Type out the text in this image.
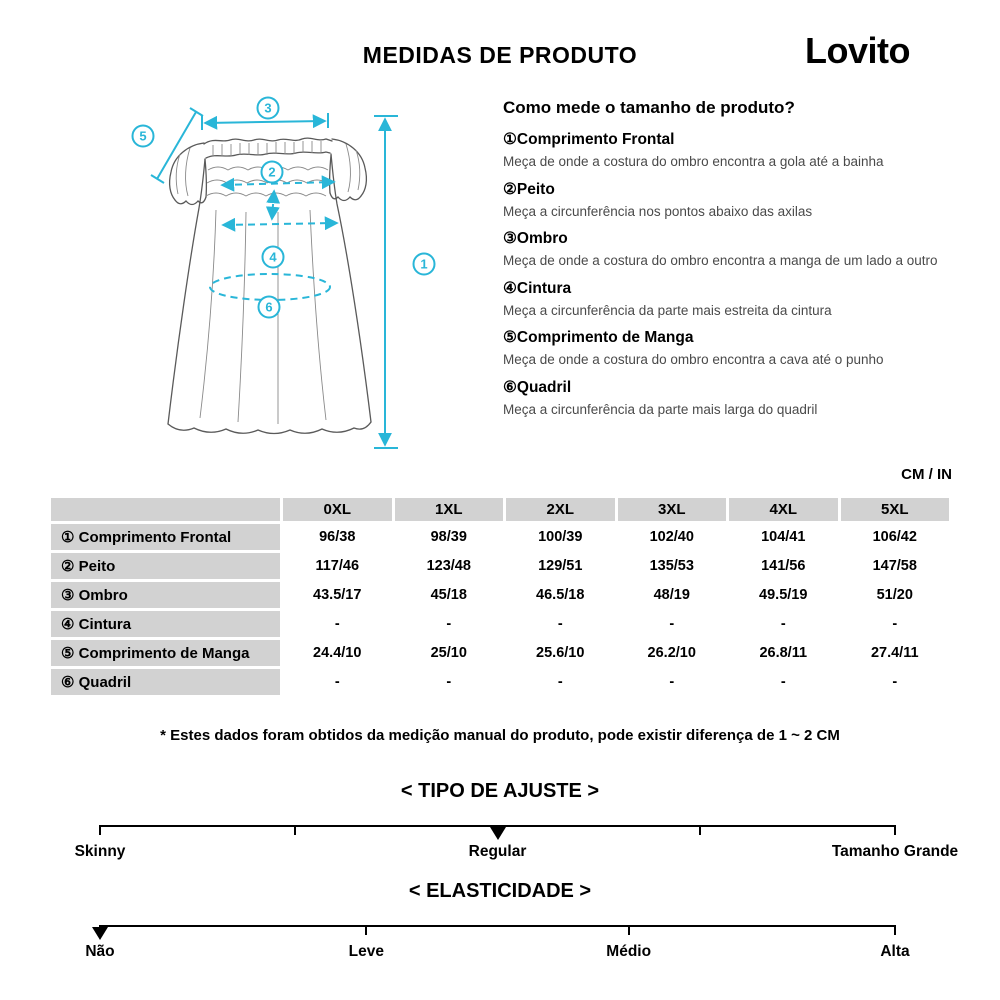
MEDIDAS DE PRODUTO	Lovito
3
5
2
4
6
1
Como mede o tamanho de produto?
①Comprimento Frontal
Meça de onde a costura do ombro encontra a gola até a bainha
②Peito
Meça a circunferência nos pontos abaixo das axilas
③Ombro
Meça de onde a costura do ombro encontra a manga de um lado a outro
④Cintura
Meça a circunferência da parte mais estreita da cintura
⑤Comprimento de Manga
Meça de onde a costura do ombro encontra a cava até o punho
⑥Quadril
Meça a circunferência da parte mais larga do quadril
CM / IN
	0XL	1XL	2XL	3XL	4XL	5XL
① Comprimento Frontal	96/38	98/39	100/39	102/40	104/41	106/42
② Peito	117/46	123/48	129/51	135/53	141/56	147/58
③ Ombro	43.5/17	45/18	46.5/18	48/19	49.5/19	51/20
④ Cintura	-	-	-	-	-	-
⑤ Comprimento de Manga	24.4/10	25/10	25.6/10	26.2/10	26.8/11	27.4/11
⑥ Quadril	-	-	-	-	-	-
* Estes dados foram obtidos da medição manual do produto, pode existir diferença de 1 ~ 2 CM
< TIPO DE AJUSTE >
Skinny	Regular	Tamanho Grande
< ELASTICIDADE >
Não	Leve	Médio	Alta
